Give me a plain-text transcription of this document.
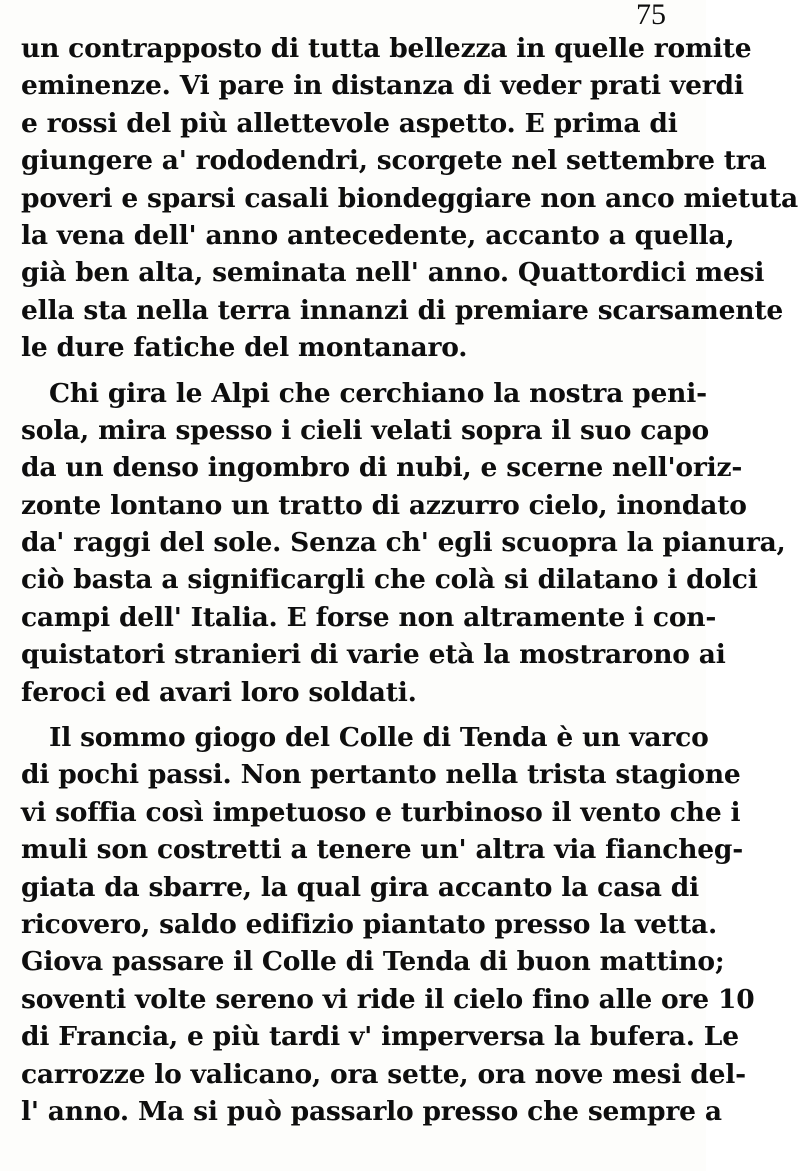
75
un contrapposto di tutta bellezza in quelle romite
eminenze. Vi pare in distanza di veder prati verdi
e rossi del più allettevole aspetto. E prima di
giungere a' rododendri, scorgete nel settembre tra
poveri e sparsi casali biondeggiare non anco mietuta
la vena dell' anno antecedente, accanto a quella,
già ben alta, seminata nell' anno. Quattordici mesi
ella sta nella terra innanzi di premiare scarsamente
le dure fatiche del montanaro.
Chi gira le Alpi che cerchiano la nostra peni-
sola, mira spesso i cieli velati sopra il suo capo
da un denso ingombro di nubi, e scerne nell'oriz-
zonte lontano un tratto di azzurro cielo, inondato
da' raggi del sole. Senza ch' egli scuopra la pianura,
ciò basta a significargli che colà si dilatano i dolci
campi dell' Italia. E forse non altramente i con-
quistatori stranieri di varie età la mostrarono ai
feroci ed avari loro soldati.
Il sommo giogo del Colle di Tenda è un varco
di pochi passi. Non pertanto nella trista stagione
vi soffia così impetuoso e turbinoso il vento che i
muli son costretti a tenere un' altra via fiancheg-
giata da sbarre, la qual gira accanto la casa di
ricovero, saldo edifizio piantato presso la vetta.
Giova passare il Colle di Tenda di buon mattino;
soventi volte sereno vi ride il cielo fino alle ore 10
di Francia, e più tardi v' imperversa la bufera. Le
carrozze lo valicano, ora sette, ora nove mesi del-
l' anno. Ma si può passarlo presso che sempre a
